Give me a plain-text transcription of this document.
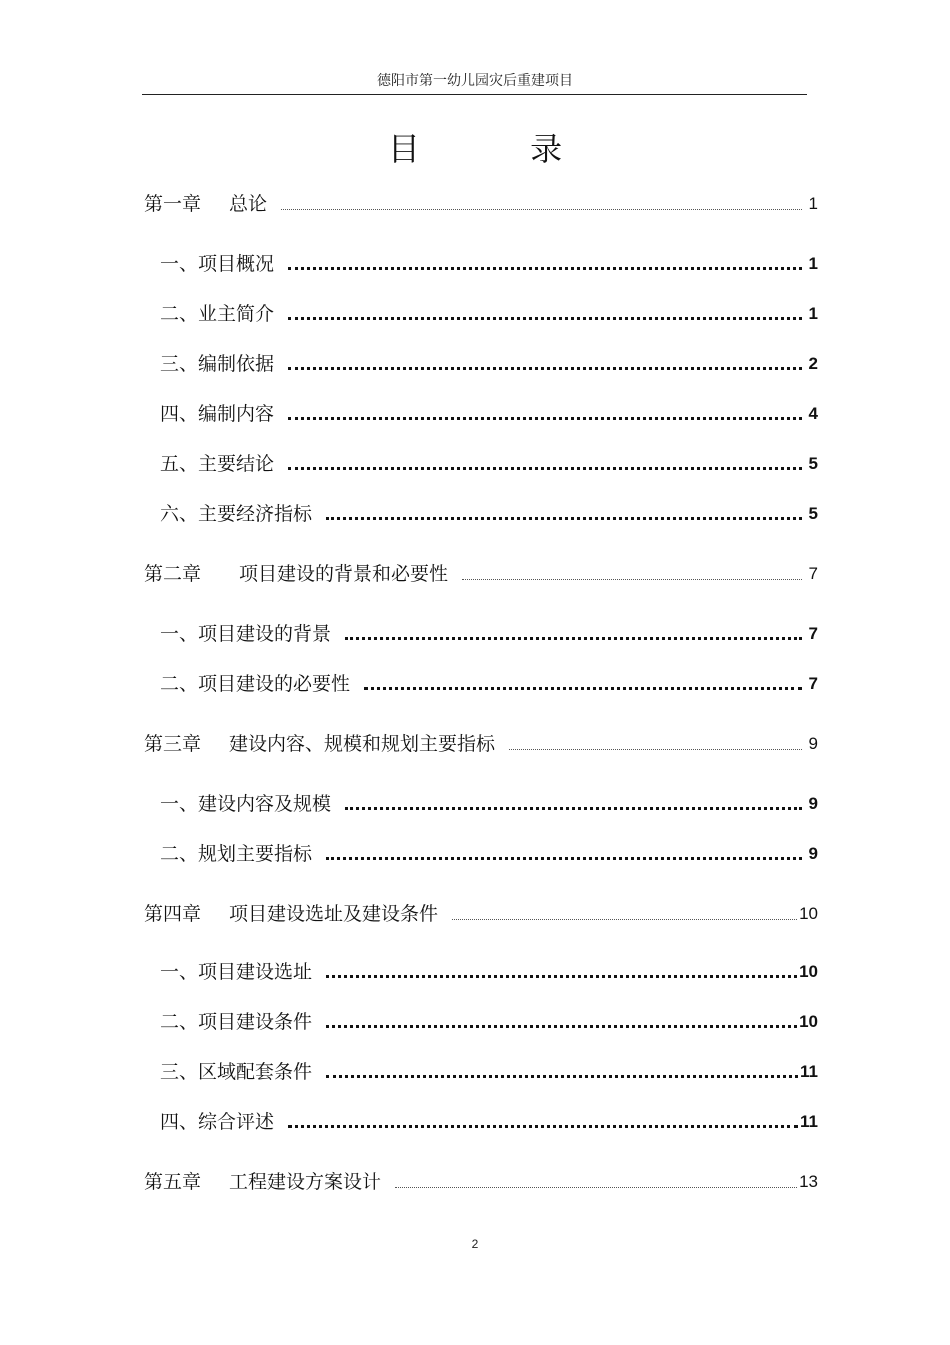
德阳市第一幼儿园灾后重建项目
目 录
第一章 总论	1
一、 项目概况	1
二、 业主简介	1
三、 编制依据	2
四、 编制内容	4
五、 主要结论	5
六、 主要经济指标	5
第二章 项目建设的背景和必要性	7
一、 项目建设的背景	7
二、 项目建设的必要性	7
第三章 建设内容、规模和规划主要指标	9
一、 建设内容及规模	9
二、 规划主要指标	9
第四章 项目建设选址及建设条件	10
一、 项目建设选址	10
二、 项目建设条件	10
三、 区域配套条件	11
四、 综合评述	11
第五章 工程建设方案设计	13
2
